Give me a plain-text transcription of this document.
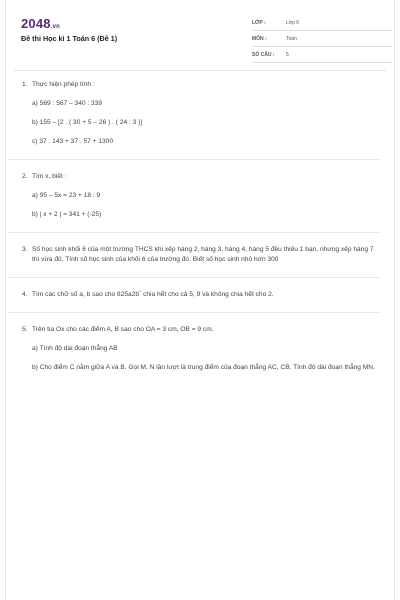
2048.vn
Đề thi Học kì 1 Toán 6 (Đề 1)
LỚP :	Lớp 6
MÔN :	Toán
SỐ CÂU : 5
1. Thực hiện phép tính :
a) 569 : 567 – 340 : 339
b) 155 – [2 . ( 30 + 5 – 26 ) . ( 24 : 3 )]
c) 37 . 143 + 37 . 57 + 1300
2. Tìm x, biết :
a) 95 – 5x = 23 + 18 : 9
b) | x + 2 | = 341 + (-25)
3. Số học sinh khối 6 của một trường THCS khi xếp hàng 2, hàng 3, hàng 4, hàng 5 đều thiếu 1 bạn, nhưng xếp hàng 7 thì vừa đủ. Tính số học sinh của khối 6 của trường đó. Biết số học sinh nhỏ hơn 300
4. Tìm các chữ số a, b sao cho 825a2b‾ chia hết cho cả 5, 9 và không chia hết cho 2.
5. Trên tia Ox cho các điểm A, B sao cho OA = 3 cm, OB = 9 cm.
a) Tính độ dài đoạn thẳng AB
b) Cho điểm C nằm giữa A và B. Gọi M, N lần lượt là trung điểm của đoạn thẳng AC, CB. Tính độ dài đoạn thẳng MN.
